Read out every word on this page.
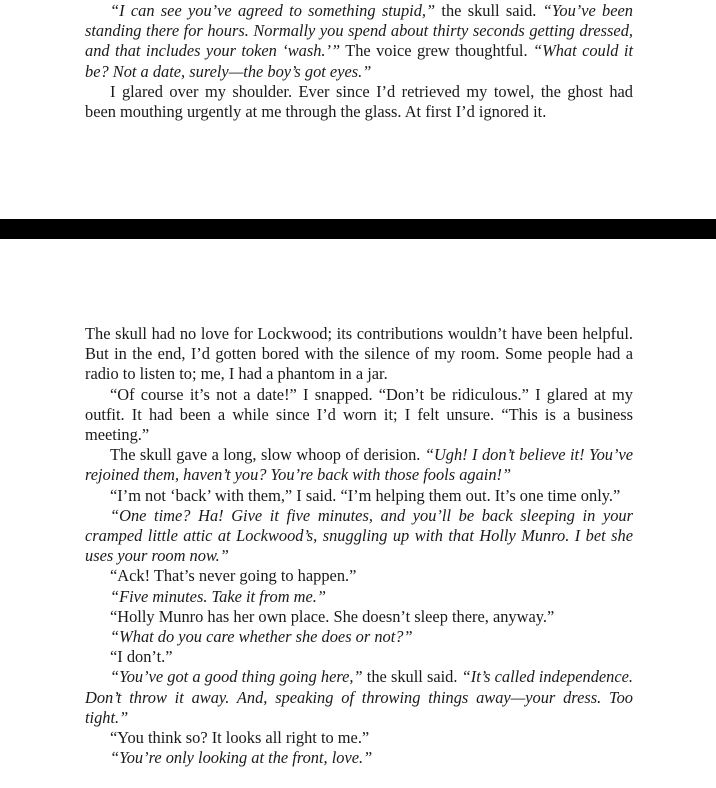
“I can see you’ve agreed to something stupid,” the skull said. “You’ve been standing there for hours. Normally you spend about thirty seconds getting dressed, and that includes your token ‘wash.’” The voice grew thoughtful. “What could it be? Not a date, surely—the boy’s got eyes.”

I glared over my shoulder. Ever since I’d retrieved my towel, the ghost had been mouthing urgently at me through the glass. At first I’d ignored it.

The skull had no love for Lockwood; its contributions wouldn’t have been helpful. But in the end, I’d gotten bored with the silence of my room. Some people had a radio to listen to; me, I had a phantom in a jar.

“Of course it’s not a date!” I snapped. “Don’t be ridiculous.” I glared at my outfit. It had been a while since I’d worn it; I felt unsure. “This is a business meeting.”

The skull gave a long, slow whoop of derision. “Ugh! I don’t believe it! You’ve rejoined them, haven’t you? You’re back with those fools again!”

“I’m not ‘back’ with them,” I said. “I’m helping them out. It’s one time only.”

“One time? Ha! Give it five minutes, and you’ll be back sleeping in your cramped little attic at Lockwood’s, snuggling up with that Holly Munro. I bet she uses your room now.”

“Ack! That’s never going to happen.”

“Five minutes. Take it from me.”

“Holly Munro has her own place. She doesn’t sleep there, anyway.”

“What do you care whether she does or not?”

“I don’t.”

“You’ve got a good thing going here,” the skull said. “It’s called independence. Don’t throw it away. And, speaking of throwing things away—your dress. Too tight.”

“You think so? It looks all right to me.”

“You’re only looking at the front, love.”
